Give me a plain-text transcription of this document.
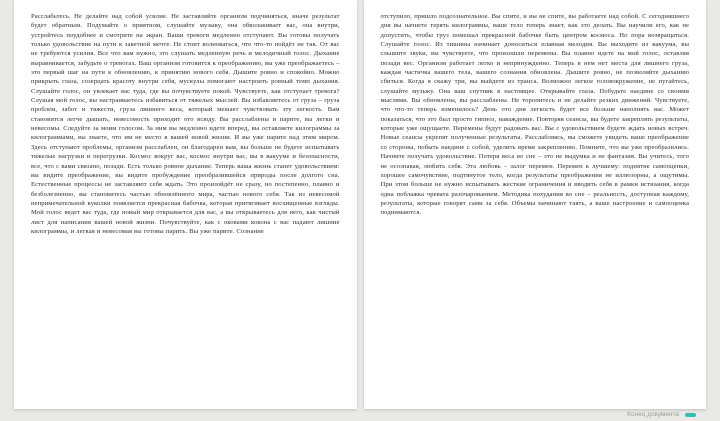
Расслабьтесь. Не делайте над собой усилие. Не заставляйте организм подчиняться, иначе результат будет обратным. Подумайте о приятном, слушайте музыку, она обволакивает вас, она внутри, устройтесь поудобнее и смотрите на экран. Ваши тревоги медленно отступают. Вы готовы получать только удовольствие на пути к заветной мечте. Не стоит волноваться, что что-то пойдёт не так. От вас не требуются усилия. Все что вам нужно, это слушать медленную речь и мелодичный голос. Дыхание выравнивается, забудьте о тревогах. Ваш организм готовится к преображению, вы уже преображаетесь – это первый шаг на пути к обновлению, к принятию нового себя. Дышите ровно и спокойно. Можно прикрыть глаза, созерцать красоту внутри себя, мускулы помогают настроить ровный темп дыхания. Слушайте голос, он увлекает вас туда, где вы почувствуете покой. Чувствуете, как отступает тревога? Слушая мой голос, вы настраиваетесь избавиться от тяжелых мыслей. Вы избавляетесь от груза – груза проблем, забот и тяжести, груза лишнего веса, который мешает чувствовать эту легкость. Вам становится легче дышать, невесомость приходит ото всюду. Вы расслаблены и парите, вы легки и невесомы. Следуйте за моим голосом. За ним вы медленно идете вперед, вы оставляете килограммы за килограммами, вы знаете, что им не место в вашей новой жизни. И вы уже парите над этим миром. Здесь отступают проблемы, организм расслаблен, он благодарен вам, вы больше не будете испытывать тяжелые нагрузки и перегрузки. Космос вокруг вас, космос внутри вас, вы в вакууме и безопасности, все, что с вами связано, позади. Есть только ровное дыхание. Теперь ваша жизнь станет удовольствием: вы видите преображение, вы видите пробуждение преобразившейся природы после долгого сна. Естественные процессы не заставляют себя ждать. Это произойдёт не сразу, но постепенно, плавно и безболезненно, вы становитесь частью обновлённого мира, частью нового себя. Так из невесомой непримечательной куколки появляется прекрасная бабочка, которая притягивает восхищенные взгляды. Мой голос ведет вас туда, где новый мир открывается для вас, а вы открываетесь для него, как чистый лист для написания вашей новой жизни. Почувствуйте, как с оковами кокона с вас падают лишние килограммы, и легкая и невесомая вы готовы парить. Вы уже парите. Сознание
отступило, пришло подсознательное. Вы спите, и вы не спите, вы работаете над собой. С сегодняшнего дня вы начнете терять килограммы, ваше тело теперь знает, как это делать. Вы научили его, как не допустить, чтобы груз помешал прекрасной бабочке быть центром космоса. Но пора возвращаться. Слушайте голос. Из тишины начинает доноситься плавная мелодия. Вы выходите из вакуума, вы слышите звуки, вы чувствуете, что произошли перемены. Вы плавно идете на мой голос, оставляя позади вес. Организм работает легко и непринужденно. Теперь в нем нет места для лишнего груза, каждая частичка вашего тела, вашего сознания обновлена. Дышите ровно, не позволяйте дыханию сбиться. Когда я скажу три, вы выйдете из транса. Возможно легкое головокружение, не пугайтесь, слушайте музыку. Она ваш спутник в настоящее. Открывайте глаза. Побудьте наедине со своими мыслями. Вы обновлены, вы расслаблены. Не торопитесь и не делайте резких движений. Чувствуете, что что-то теперь изменилось? День ото дня легкость будет все больше наполнять вас. Может показаться, что это был просто гипноз, наваждение. Повторяя сеансы, вы будете закреплять результаты, которые уже ощущаете. Перемены будут радовать вас. Вы с удовольствием будете ждать новых встреч. Новые сеансы укрепят полученные результаты. Расслабляясь, вы сможете увидеть ваше преображение со стороны, побыть наедине с собой, уделить время закреплению. Помните, что вы уже преобразились. Начните получать удовольствие. Потеря веса во сне – это не выдумка и не фантазия. Вы учитесь, того не осознавая, любить себя. Эта любовь – залог перемен. Перемен к лучшему: поднятие самооценки, хорошее самочувствие, подтянутое тело, когда результаты преображения не иллюзорны, а ощутимы. При этом больше не нужно испытывать жесткие ограничения и вводить себя в рамки истязания, когда одна поблажка чревата разочарованием. Методика похудания во сне – реальность, доступная каждому, результаты, которые говорят сами за себя. Объемы начинают таять, а ваше настроение и самооценка поднимаются.
Конец документа
